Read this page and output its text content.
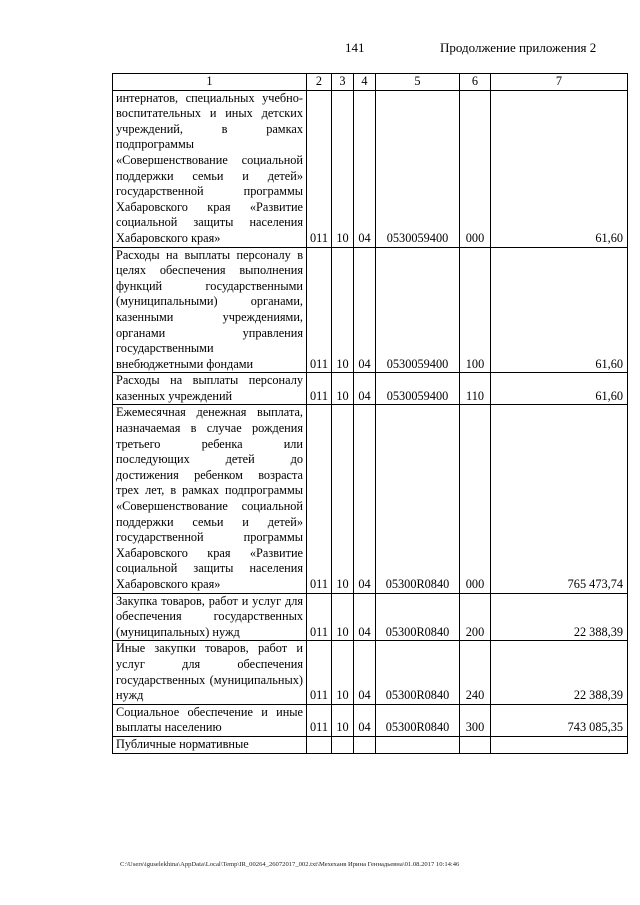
141	Продолжение приложения 2
1	2	3	4	5	6	7
интернатов, специальных учебно-воспитательных и иных детских учреждений, в рамках подпрограммы «Совершенствование социальной поддержки семьи и детей» государственной программы Хабаровского края «Развитие социальной защиты населения Хабаровского края»	011	10	04	0530059400	000	61,60
Расходы на выплаты персоналу в целях обеспечения выполнения функций государственными (муниципальными) органами, казенными учреждениями, органами управления государственными внебюджетными фондами	011	10	04	0530059400	100	61,60
Расходы на выплаты персоналу казенных учреждений	011	10	04	0530059400	110	61,60
Ежемесячная денежная выплата, назначаемая в случае рождения третьего ребенка или последующих детей до достижения ребенком возраста трех лет, в рамках подпрограммы «Совершенствование социальной поддержки семьи и детей» государственной программы Хабаровского края «Развитие социальной защиты населения Хабаровского края»	011	10	04	05300R0840	000	765 473,74
Закупка товаров, работ и услуг для обеспечения государственных (муниципальных) нужд	011	10	04	05300R0840	200	22 388,39
Иные закупки товаров, работ и услуг для обеспечения государственных (муниципальных) нужд	011	10	04	05300R0840	240	22 388,39
Социальное обеспечение и иные выплаты населению	011	10	04	05300R0840	300	743 085,35
Публичные нормативные						
C:\Users\iguselekhina\AppData\Local\Temp\IR_00264_26072017_002.txt\Мехеханв Ирина Геннадьевна\01.08.2017 10:14:46
